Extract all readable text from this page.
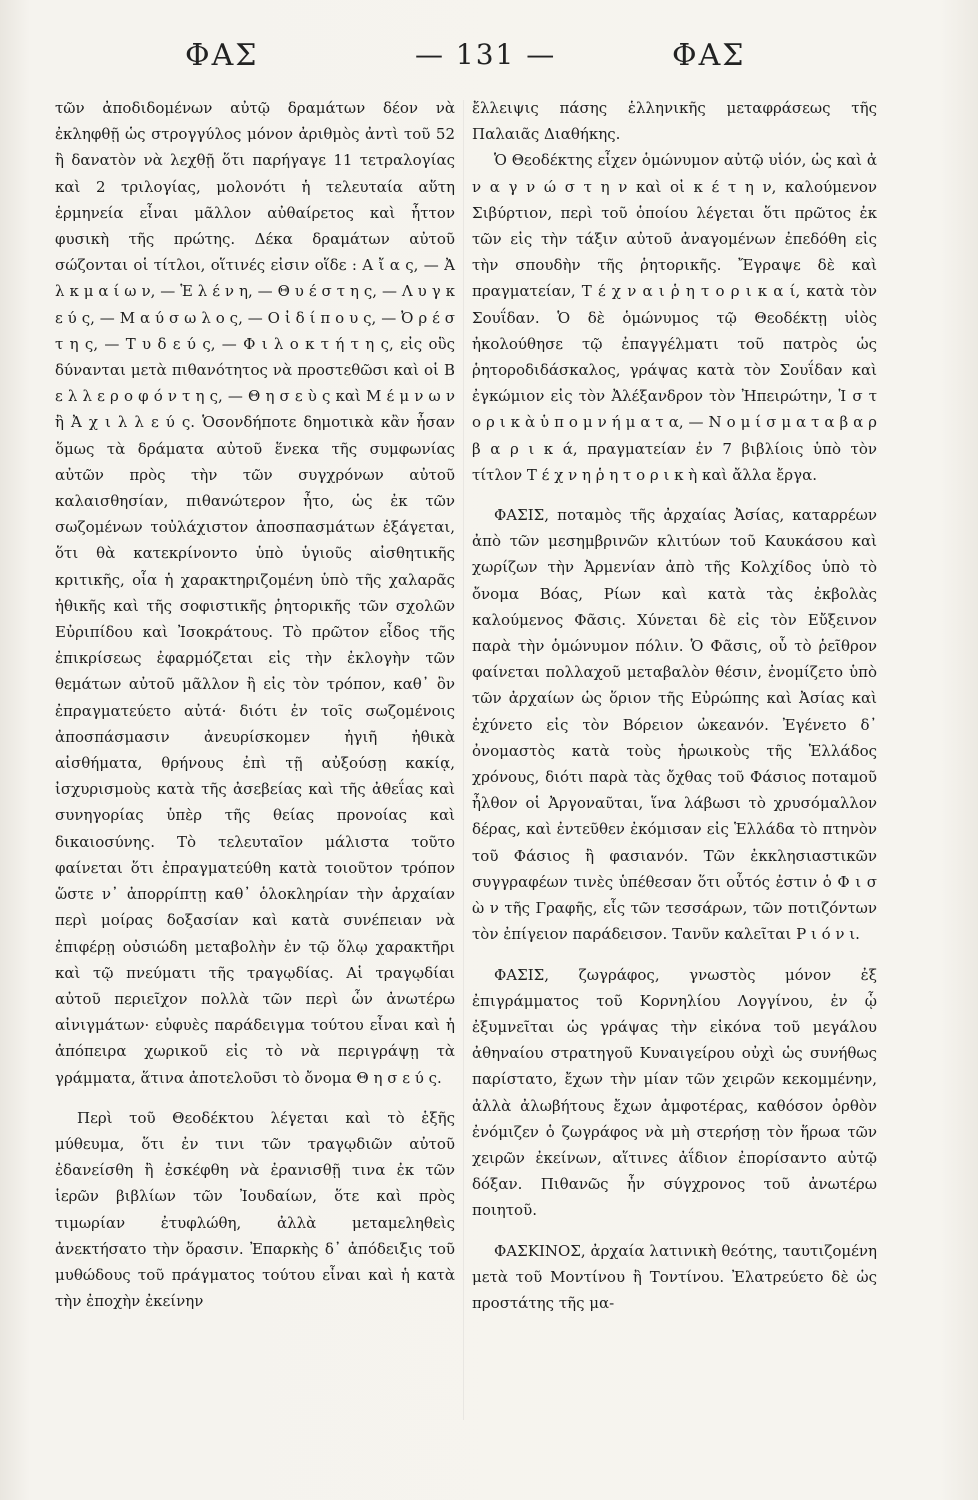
ΦΑΣ	— 131 —	ΦΑΣ

τῶν ἀποδιδομένων αὐτῷ δραμάτων δέον νὰ ἐκληφθῇ ὡς στρογγύλος μόνον ἀριθμὸς ἀντὶ τοῦ 52 ἢ δανατὸν νὰ λεχθῇ ὅτι παρήγαγε 11 τετραλογίας καὶ 2 τριλογίας, μολονότι ἡ τελευταία αὕτη ἑρμηνεία εἶναι μᾶλλον αὐθαίρετος καὶ ἧττον φυσικὴ τῆς πρώτης. Δέκα δραμάτων αὐτοῦ σώζονται οἱ τίτλοι, οἵτινές εἰσιν οἵδε : Α ἴ α ς, — Ἀ λ κ μ α ί ω ν, — Ἑ λ έ ν η, — Θ υ έ σ τ η ς, — Λ υ γ κ ε ύ ς, — Μ α ύ σ ω λ ο ς, — Ο ἰ δ ί π ο υ ς, — Ὀ ρ έ σ τ η ς, — Τ υ δ ε ύ ς, — Φ ι λ ο κ τ ή τ η ς, εἰς οὓς δύνανται μετὰ πιθανότητος νὰ προστεθῶσι καὶ οἱ Β ε λ λ ε ρ ο φ ό ν τ η ς, — Θ η σ ε ὺ ς καὶ Μ έ μ ν ω ν ἢ Ἀ χ ι λ λ ε ύ ς. Ὁσονδήποτε δημοτικὰ κἂν ἦσαν ὅμως τὰ δράματα αὐτοῦ ἕνεκα τῆς συμφωνίας αὐτῶν πρὸς τὴν τῶν συγχρόνων αὐτοῦ καλαισθησίαν, πιθανώτερον ἦτο, ὡς ἐκ τῶν σωζομένων τοὐλάχιστον ἀποσπασμάτων ἐξάγεται, ὅτι θὰ κατεκρίνοντο ὑπὸ ὑγιοῦς αἰσθητικῆς κριτικῆς, οἷα ἡ χαρακτηριζομένη ὑπὸ τῆς χαλαρᾶς ἠθικῆς καὶ τῆς σοφιστικῆς ῥητορικῆς τῶν σχολῶν Εὐριπίδου καὶ Ἰσοκράτους. Τὸ πρῶτον εἶδος τῆς ἐπικρίσεως ἐφαρμόζεται εἰς τὴν ἐκλογὴν τῶν θεμάτων αὐτοῦ μᾶλλον ἢ εἰς τὸν τρόπον, καθ᾽ ὃν ἐπραγματεύετο αὐτά· διότι ἐν τοῖς σωζομένοις ἀποσπάσμασιν ἀνευρίσκομεν ἠγιῆ ἠθικὰ αἰσθήματα, θρήνους ἐπὶ τῇ αὐξούσῃ κακίᾳ, ἰσχυρισμοὺς κατὰ τῆς ἀσεβείας καὶ τῆς ἀθεΐας καὶ συνηγορίας ὑπὲρ τῆς θείας προνοίας καὶ δικαιοσύνης. Τὸ τελευταῖον μάλιστα τοῦτο φαίνεται ὅτι ἐπραγματεύθη κατὰ τοιοῦτον τρόπον ὥστε ν᾽ ἀπορρίπτῃ καθ᾽ ὁλοκληρίαν τὴν ἀρχαίαν περὶ μοίρας δοξασίαν καὶ κατὰ συνέπειαν νὰ ἐπιφέρῃ οὐσιώδη μεταβολὴν ἐν τῷ ὅλῳ χαρακτῆρι καὶ τῷ πνεύματι τῆς τραγῳδίας. Αἱ τραγῳδίαι αὐτοῦ περιεῖχον πολλὰ τῶν περὶ ὧν ἀνωτέρω αἰνιγμάτων· εὐφυὲς παράδειγμα τούτου εἶναι καὶ ἡ ἀπόπειρα χωρικοῦ εἰς τὸ νὰ περιγράψῃ τὰ γράμματα, ἅτινα ἀποτελοῦσι τὸ ὄνομα Θ η σ ε ύ ς.

Περὶ τοῦ Θεοδέκτου λέγεται καὶ τὸ ἑξῆς μύθευμα, ὅτι ἐν τινι τῶν τραγῳδιῶν αὐτοῦ ἐδανείσθη ἢ ἐσκέφθη νὰ ἐρανισθῇ τινα ἐκ τῶν ἱερῶν βιβλίων τῶν Ἰουδαίων, ὅτε καὶ πρὸς τιμωρίαν ἐτυφλώθη, ἀλλὰ μεταμεληθεὶς ἀνεκτήσατο τὴν ὅρασιν. Ἐπαρκὴς δ᾽ ἀπόδειξις τοῦ μυθώδους τοῦ πράγματος τούτου εἶναι καὶ ἡ κατὰ τὴν ἐποχὴν ἐκείνην

ἔλλειψις πάσης ἑλληνικῆς μεταφράσεως τῆς Παλαιᾶς Διαθήκης.

Ὁ Θεοδέκτης εἶχεν ὁμώνυμον αὐτῷ υἱόν, ὡς καὶ ἀ ν α γ ν ώ σ τ η ν καὶ οἰ κ έ τ η ν, καλούμενον Σιβύρτιον, περὶ τοῦ ὁποίου λέγεται ὅτι πρῶτος ἐκ τῶν εἰς τὴν τάξιν αὐτοῦ ἀναγομένων ἐπεδόθη εἰς τὴν σπουδὴν τῆς ῥητορικῆς. Ἔγραψε δὲ καὶ πραγματείαν, Τ έ χ ν α ι ῥ η τ ο ρ ι κ α ί, κατὰ τὸν Σουΐδαν. Ὁ δὲ ὁμώνυμος τῷ Θεοδέκτῃ υἱὸς ἠκολούθησε τῷ ἐπαγγέλματι τοῦ πατρὸς ὡς ῥητοροδιδάσκαλος, γράψας κατὰ τὸν Σουΐδαν καὶ ἐγκώμιον εἰς τὸν Ἀλέξανδρον τὸν Ἠπειρώτην, Ἱ σ τ ο ρ ι κ ὰ ὑ π ο μ ν ή μ α τ α, — Ν ο μ ί σ μ α τ α β α ρ β α ρ ι κ ά, πραγματείαν ἐν 7 βιβλίοις ὑπὸ τὸν τίτλον Τ έ χ ν η ῥ η τ ο ρ ι κ ὴ καὶ ἄλλα ἔργα.

ΦΑΣΙΣ, ποταμὸς τῆς ἀρχαίας Ἀσίας, καταρρέων ἀπὸ τῶν μεσημβρινῶν κλιτύων τοῦ Καυκάσου καὶ χωρίζων τὴν Ἀρμενίαν ἀπὸ τῆς Κολχίδος ὑπὸ τὸ ὄνομα Βόας, Ρίων καὶ κατὰ τὰς ἐκβολὰς καλούμενος Φᾶσις. Χύνεται δὲ εἰς τὸν Εὔξεινον παρὰ τὴν ὁμώνυμον πόλιν. Ὁ Φᾶσις, οὗ τὸ ῥεῖθρον φαίνεται πολλαχοῦ μεταβαλὸν θέσιν, ἐνομίζετο ὑπὸ τῶν ἀρχαίων ὡς ὅριον τῆς Εὐρώπης καὶ Ἀσίας καὶ ἐχύνετο εἰς τὸν Βόρειον ὠκεανόν. Ἐγένετο δ᾽ ὀνομαστὸς κατὰ τοὺς ἡρωικοὺς τῆς Ἑλλάδος χρόνους, διότι παρὰ τὰς ὄχθας τοῦ Φάσιος ποταμοῦ ἦλθον οἱ Ἀργοναῦται, ἵνα λάβωσι τὸ χρυσόμαλλον δέρας, καὶ ἐντεῦθεν ἐκόμισαν εἰς Ἑλλάδα τὸ πτηνὸν τοῦ Φάσιος ἢ φασιανόν. Τῶν ἐκκλησιαστικῶν συγγραφέων τινὲς ὑπέθεσαν ὅτι οὗτός ἐστιν ὁ Φ ι σ ὼ ν τῆς Γραφῆς, εἷς τῶν τεσσάρων, τῶν ποτιζόντων τὸν ἐπίγειον παράδεισον. Τανῦν καλεῖται Ρ ι ό ν ι.

ΦΑΣΙΣ, ζωγράφος, γνωστὸς μόνον ἐξ ἐπιγράμματος τοῦ Κορνηλίου Λογγίνου, ἐν ᾧ ἐξυμνεῖται ὡς γράψας τὴν εἰκόνα τοῦ μεγάλου ἀθηναίου στρατηγοῦ Κυναιγείρου οὐχὶ ὡς συνήθως παρίστατο, ἔχων τὴν μίαν τῶν χειρῶν κεκομμένην, ἀλλὰ ἀλωβήτους ἔχων ἀμφοτέρας, καθόσον ὀρθὸν ἐνόμιζεν ὁ ζωγράφος νὰ μὴ στερήσῃ τὸν ἥρωα τῶν χειρῶν ἐκείνων, αἵτινες ἀΐδιον ἐπορίσαντο αὐτῷ δόξαν. Πιθανῶς ἦν σύγχρονος τοῦ ἀνωτέρω ποιητοῦ.

ΦΑΣΚΙΝΟΣ, ἀρχαία λατινικὴ θεότης, ταυτιζομένη μετὰ τοῦ Μοντίνου ἢ Τοντίνου. Ἐλατρεύετο δὲ ὡς προστάτης τῆς μα-
